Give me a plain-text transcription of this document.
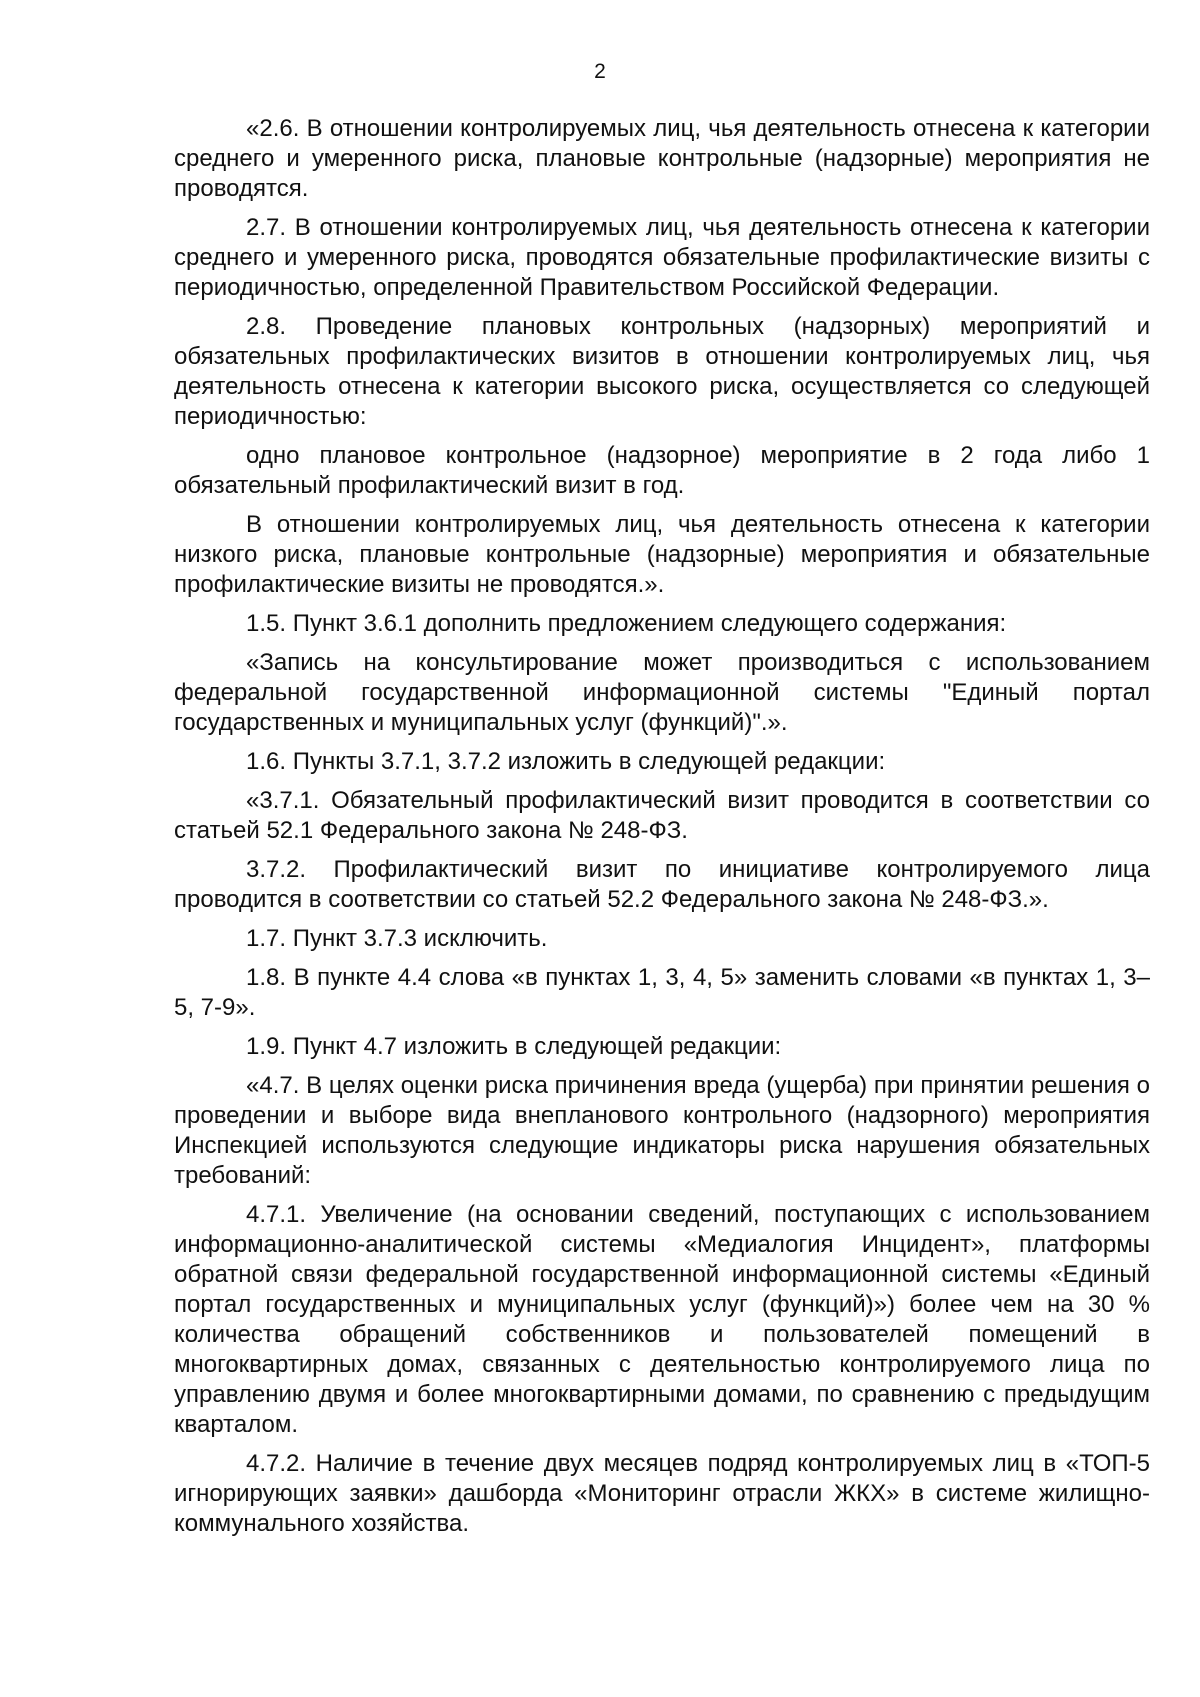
2

«2.6. В отношении контролируемых лиц, чья деятельность отнесена к категории среднего и умеренного риска, плановые контрольные (надзорные) мероприятия не проводятся.

2.7. В отношении контролируемых лиц, чья деятельность отнесена к категории среднего и умеренного риска, проводятся обязательные профилактические визиты с периодичностью, определенной Правительством Российской Федерации.

2.8. Проведение плановых контрольных (надзорных) мероприятий и обязательных профилактических визитов в отношении контролируемых лиц, чья деятельность отнесена к категории высокого риска, осуществляется со следующей периодичностью:

одно плановое контрольное (надзорное) мероприятие в 2 года либо 1 обязательный профилактический визит в год.

В отношении контролируемых лиц, чья деятельность отнесена к категории низкого риска, плановые контрольные (надзорные) мероприятия и обязательные профилактические визиты не проводятся.».

1.5. Пункт 3.6.1 дополнить предложением следующего содержания:

«Запись на консультирование может производиться с использованием федеральной государственной информационной системы "Единый портал государственных и муниципальных услуг (функций)".».

1.6. Пункты 3.7.1, 3.7.2 изложить в следующей редакции:

«3.7.1. Обязательный профилактический визит проводится в соответствии со статьей 52.1 Федерального закона № 248-ФЗ.

3.7.2. Профилактический визит по инициативе контролируемого лица проводится в соответствии со статьей 52.2 Федерального закона № 248-ФЗ.».

1.7. Пункт 3.7.3 исключить.

1.8. В пункте 4.4 слова «в пунктах 1, 3, 4, 5» заменить словами «в пунктах 1, 3–5, 7-9».

1.9. Пункт 4.7 изложить в следующей редакции:

«4.7. В целях оценки риска причинения вреда (ущерба) при принятии решения о проведении и выборе вида внепланового контрольного (надзорного) мероприятия Инспекцией используются следующие индикаторы риска нарушения обязательных требований:

4.7.1. Увеличение (на основании сведений, поступающих с использованием информационно-аналитической системы «Медиалогия Инцидент», платформы обратной связи федеральной государственной информационной системы «Единый портал государственных и муниципальных услуг (функций)») более чем на 30 % количества обращений собственников и пользователей помещений в многоквартирных домах, связанных с деятельностью контролируемого лица по управлению двумя и более многоквартирными домами, по сравнению с предыдущим кварталом.

4.7.2. Наличие в течение двух месяцев подряд контролируемых лиц в «ТОП-5 игнорирующих заявки» дашборда «Мониторинг отрасли ЖКХ» в системе жилищно-коммунального хозяйства.
